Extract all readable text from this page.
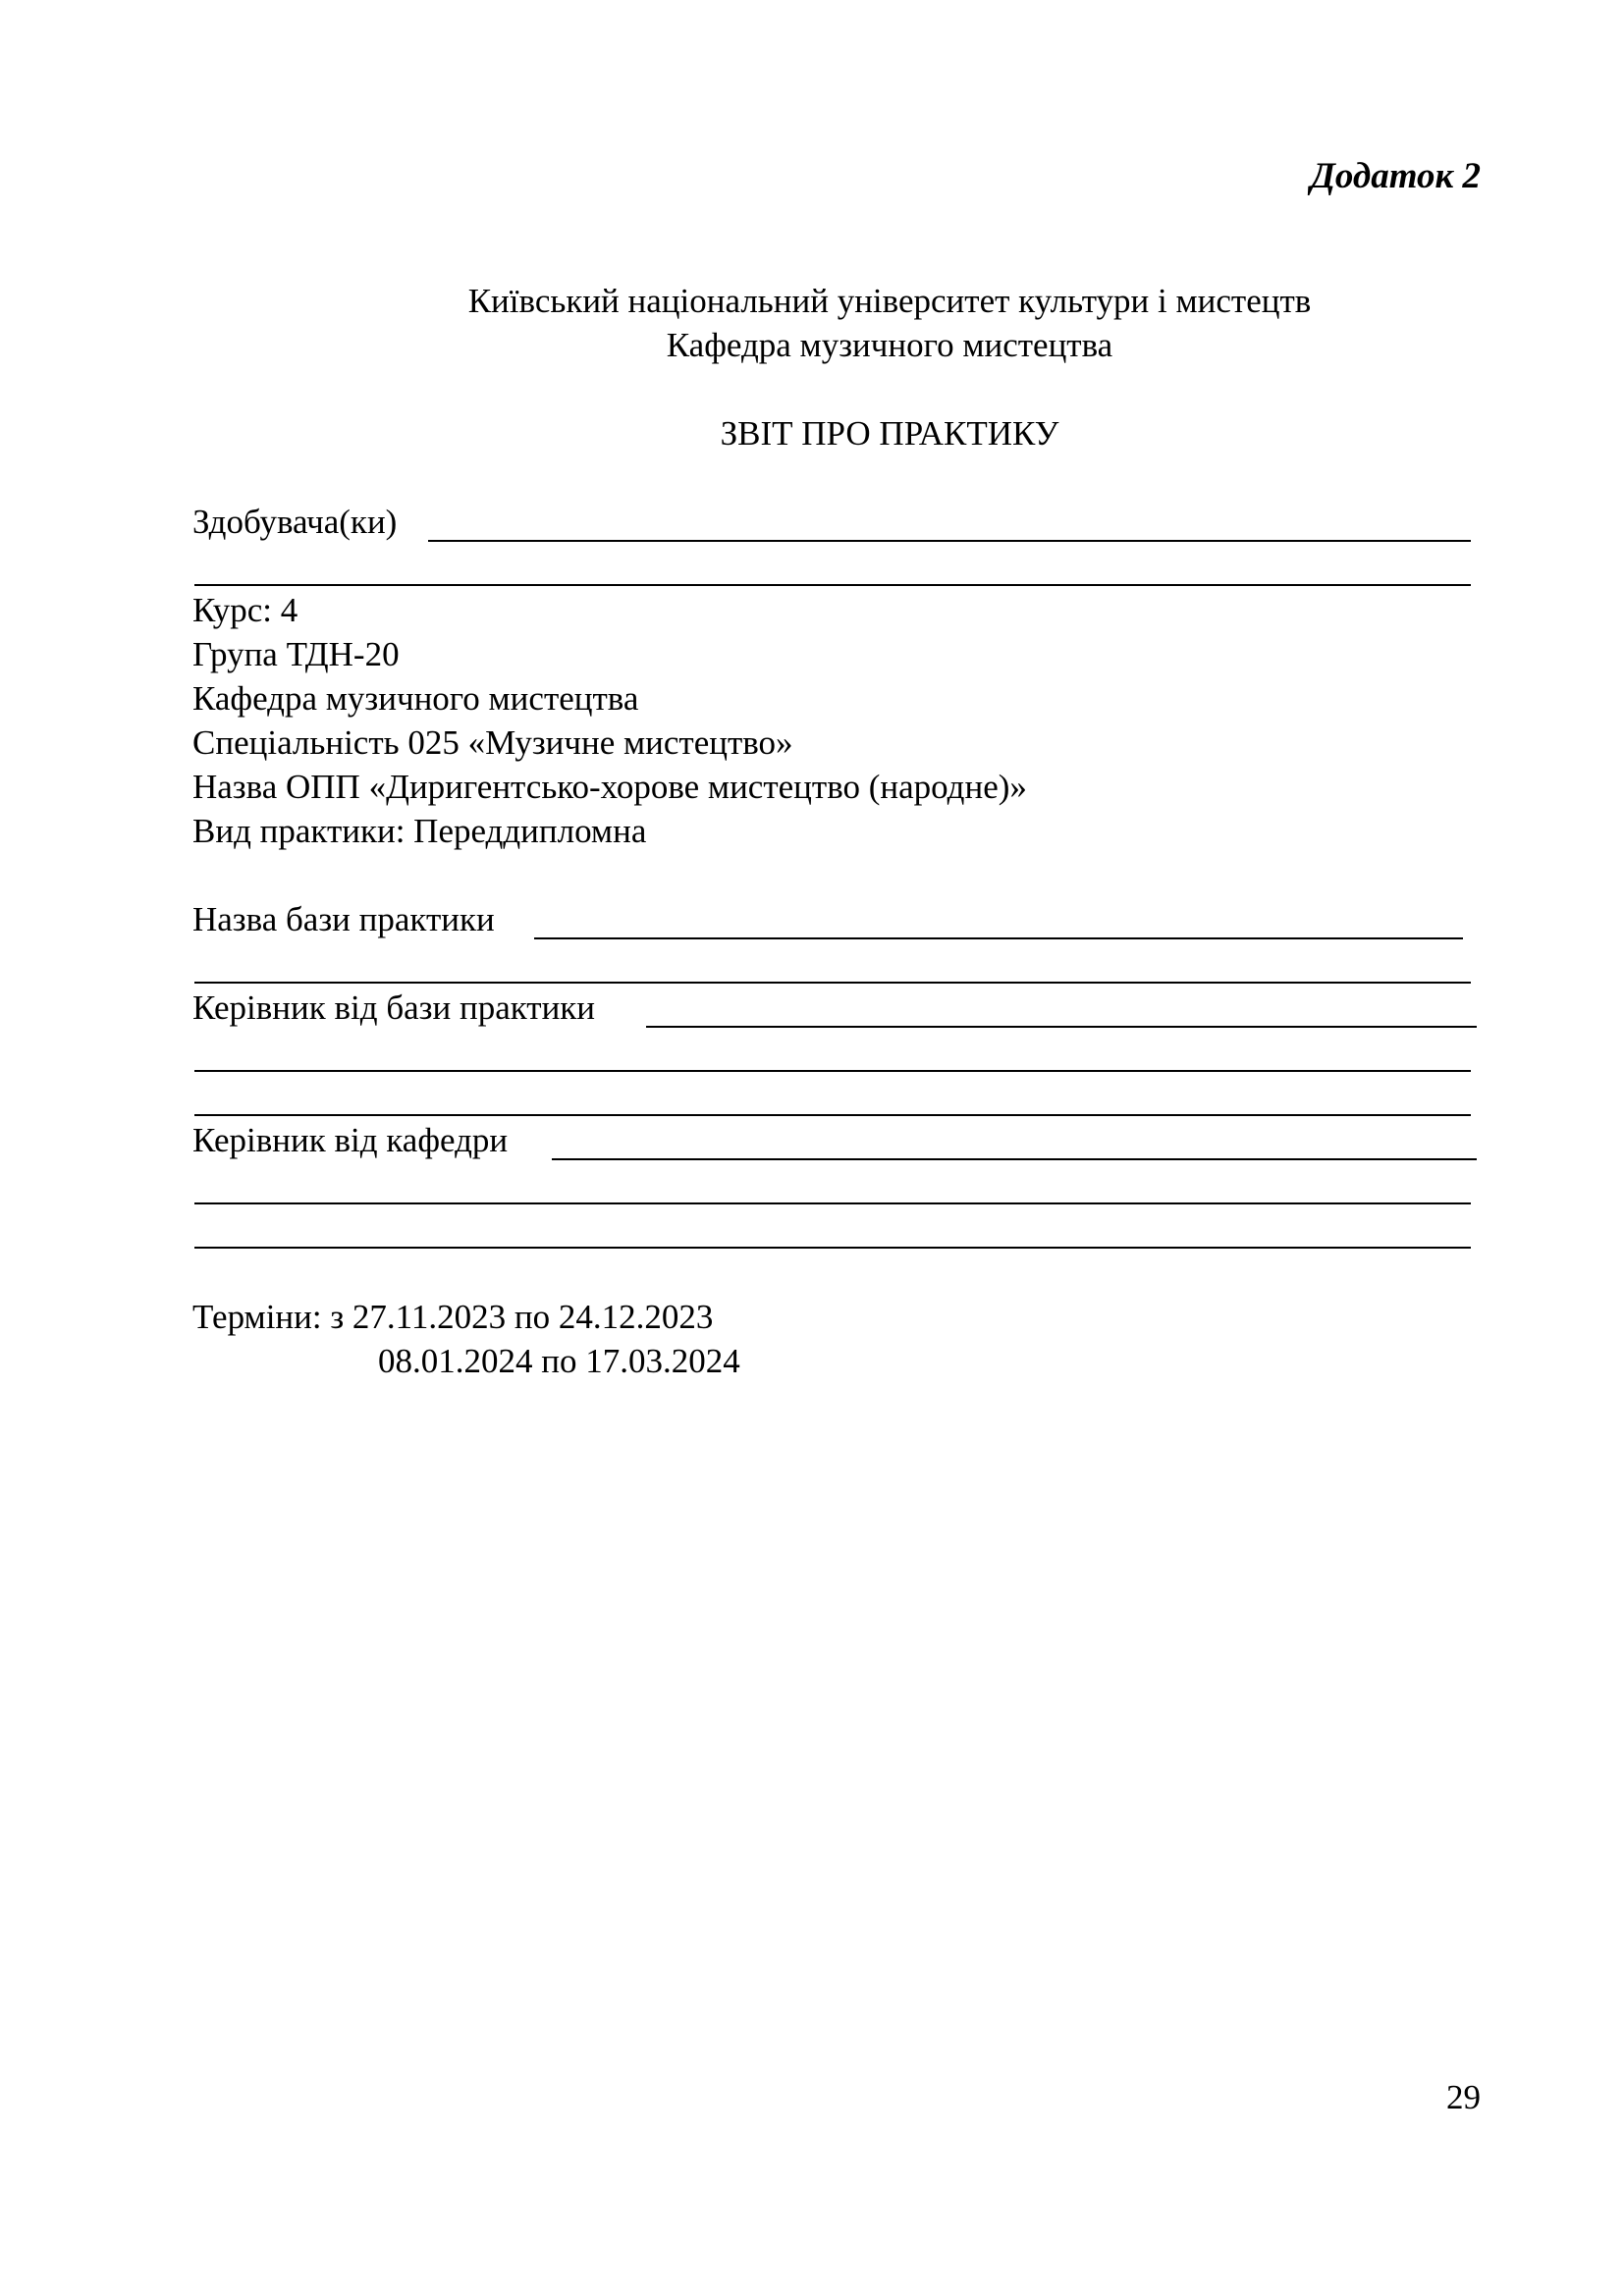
Додаток 2
Київський національний університет культури і мистецтв
Кафедра музичного мистецтва
ЗВІТ ПРО ПРАКТИКУ
Здобувача(ки)
Курс: 4
Група ТДН-20
Кафедра музичного мистецтва
Спеціальність 025 «Музичне мистецтво»
Назва ОПП «Диригентсько-хорове мистецтво (народне)»
Вид практики: Переддипломна
Назва бази практики
Керівник від бази практики
Керівник від кафедри
Терміни: з 27.11.2023 по 24.12.2023
08.01.2024 по 17.03.2024
29
